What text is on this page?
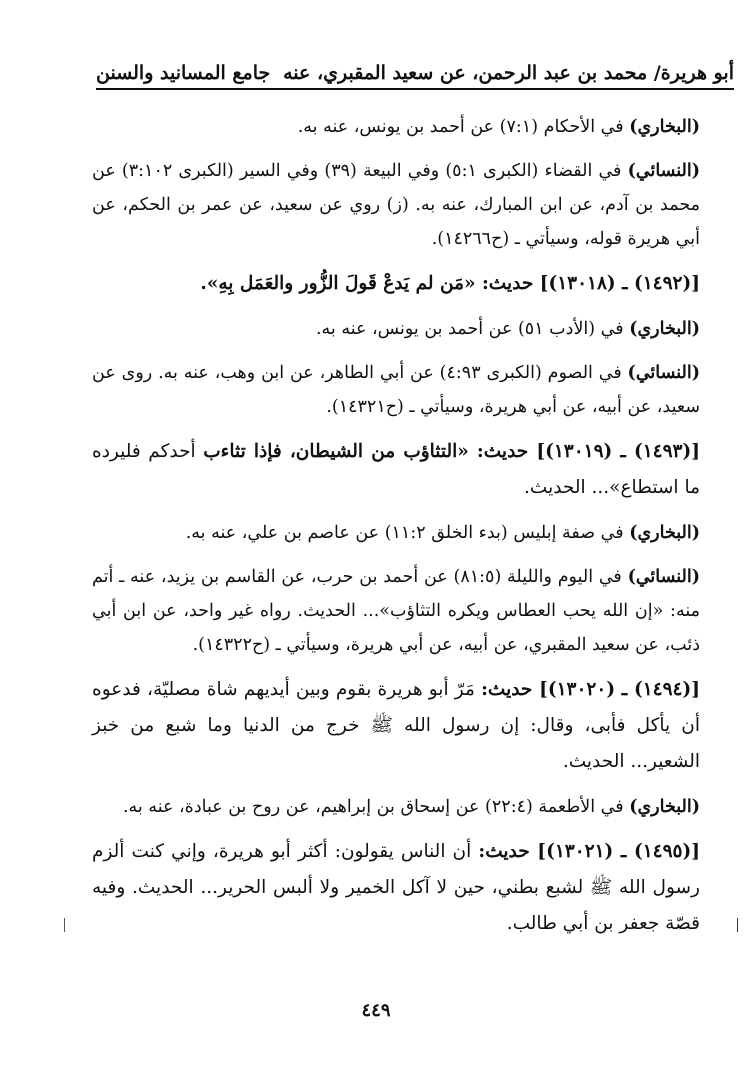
أبو هريرة/ محمد بن عبد الرحمن، عن سعيد المقبري، عنه
جامع المسانيد والسنن

(البخاري) في الأحكام (٧:١) عن أحمد بن يونس، عنه به.

(النسائي) في القضاء (الكبرى ٥:١) وفي البيعة (٣٩) وفي السير (الكبرى ٣:١٠٢) عن محمد بن آدم، عن ابن المبارك، عنه به. (ز) روي عن سعيد، عن عمر بن الحكم، عن أبي هريرة قوله، وسيأتي ـ (ح١٤٢٦٦).

[(١٤٩٢) ـ (١٣٠١٨)] حديث: «مَن لم يَدعْ قَولَ الزُّور والعَمَل بِهِ».

(البخاري) في (الأدب ٥١) عن أحمد بن يونس، عنه به.

(النسائي) في الصوم (الكبرى ٤:٩٣) عن أبي الطاهر، عن ابن وهب، عنه به. روى عن سعيد، عن أبيه، عن أبي هريرة، وسيأتي ـ (ح١٤٣٢١).

[(١٤٩٣) ـ (١٣٠١٩)] حديث: «التثاؤب من الشيطان، فإذا تثاءب أحدكم فليرده ما استطاع»... الحديث.

(البخاري) في صفة إبليس (بدء الخلق ١١:٢) عن عاصم بن علي، عنه به.

(النسائي) في اليوم والليلة (٨١:٥) عن أحمد بن حرب، عن القاسم بن يزيد، عنه ـ أتم منه: «إن الله يحب العطاس ويكره التثاؤب»... الحديث. رواه غير واحد، عن ابن أبي ذئب، عن سعيد المقبري، عن أبيه، عن أبي هريرة، وسيأتي ـ (ح١٤٣٢٢).

[(١٤٩٤) ـ (١٣٠٢٠)] حديث: مَرّ أبو هريرة بقوم وبين أيديهم شاة مصليّة، فدعوه أن يأكل فأبى، وقال: إن رسول الله ﷺ خرج من الدنيا وما شبع من خبز الشعير... الحديث.

(البخاري) في الأطعمة (٢٢:٤) عن إسحاق بن إبراهيم، عن روح بن عبادة، عنه به.

[(١٤٩٥) ـ (١٣٠٢١)] حديث: أن الناس يقولون: أكثر أبو هريرة، وإني كنت ألزم رسول الله ﷺ لشبع بطني، حين لا آكل الخمير ولا ألبس الحرير... الحديث. وفيه قصّة جعفر بن أبي طالب.

٤٤٩
